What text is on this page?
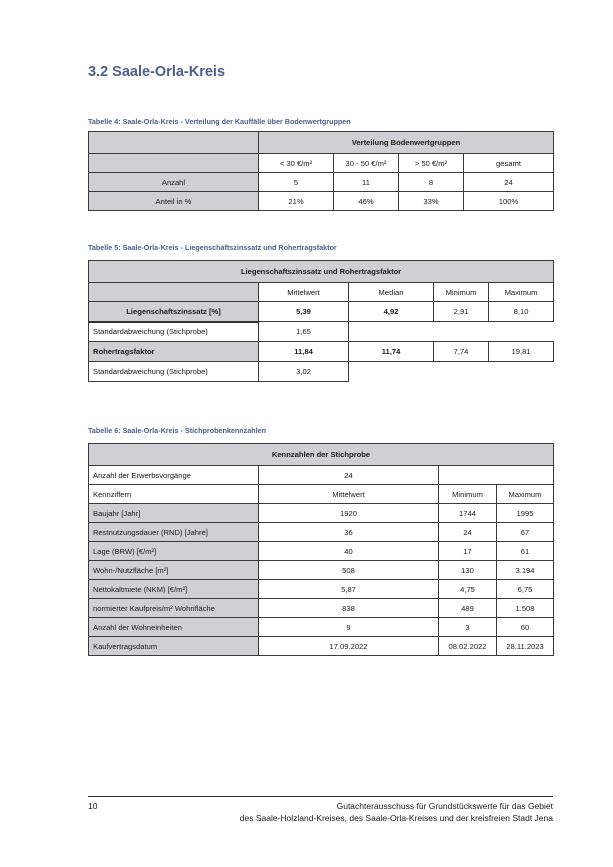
3.2 Saale-Orla-Kreis
Tabelle 4: Saale-Orla-Kreis - Verteilung der Kauffälle über Bodenwertgruppen
	Verteilung Bodenwertgruppen			
	< 30 €/m²	30 - 50 €/m²	> 50 €/m²	gesamt
Anzahl	5	11	8	24
Anteil in %	21%	46%	33%	100%
Tabelle 5: Saale-Orla-Kreis - Liegenschaftszinssatz und Rohertragsfaktor
Liegenschaftszinssatz und Rohertragsfaktor				
	Mittelwert	Median	Minimum	Maximum
Liegenschaftszinssatz [%]	5,39	4,92	2,91	8,10
Standardabweichung (Stichprobe)	1,65			
Rohertragsfaktor	11,84	11,74	7,74	19,81
Standardabweichung (Stichprobe)	3,02			
Tabelle 6: Saale-Orla-Kreis - Stichprobenkennzahlen
Kennzahlen der Stichprobe			
Anzahl der Erwerbsvorgänge	24		
Kennziffern	Mittelwert	Minimum	Maximum
Baujahr [Jahr]	1920	1744	1995
Restnutzungsdauer (RND) [Jahre]	36	24	67
Lage (BRW) [€/m²]	40	17	61
Wohn-/Nutzfläche [m²]	508	130	3.194
Nettokaltmiete (NKM) [€/m²]	5,87	4,75	6,75
normierter Kaufpreis/m² Wohnfläche	838	489	1.508
Anzahl der Wohneinheiten	9	3	60
Kaufvertragsdatum	17.09.2022	08.02.2022	28.11.2023
10	Gutachterausschuss für Grundstückswerte für das Gebiet
des Saale-Holzland-Kreises, des Saale-Orla-Kreises und der kreisfreien Stadt Jena
